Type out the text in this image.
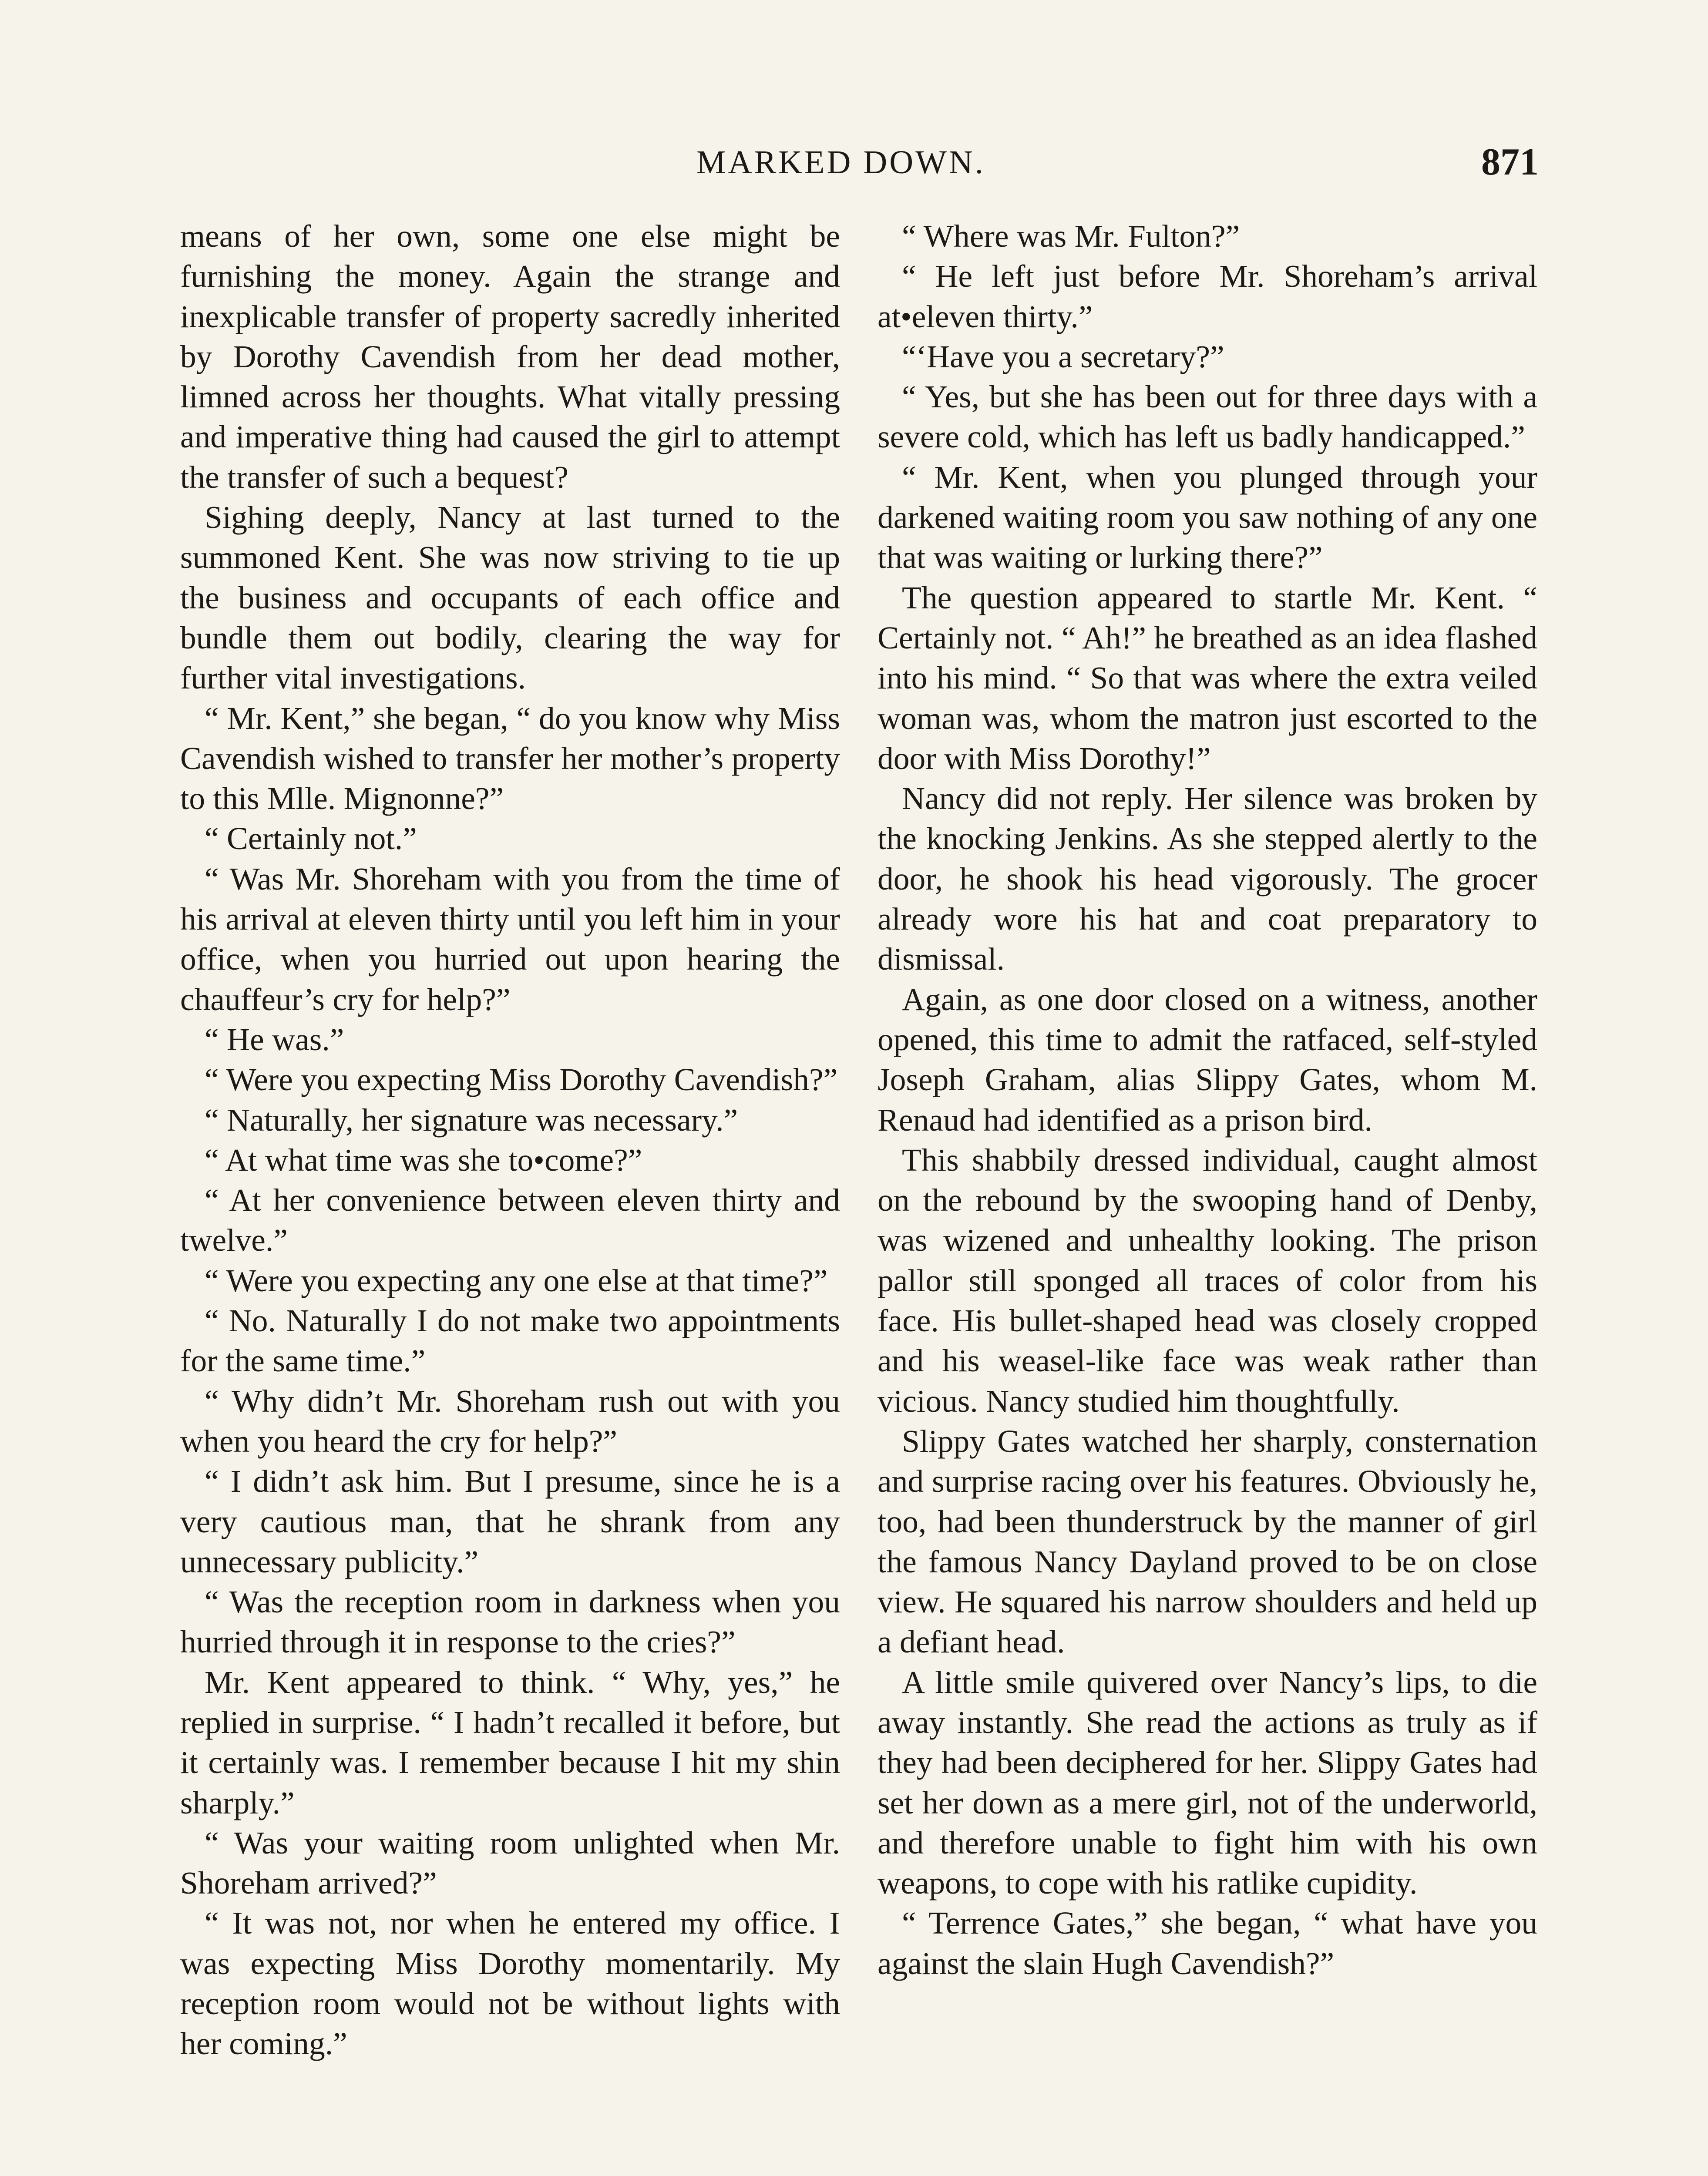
MARKED DOWN.	871

means of her own, some one else might be furnishing the money. Again the strange and inexplicable transfer of property sacredly inherited by Dorothy Cavendish from her dead mother, limned across her thoughts. What vitally pressing and imperative thing had caused the girl to attempt the transfer of such a bequest?

Sighing deeply, Nancy at last turned to the summoned Kent. She was now striving to tie up the business and occupants of each office and bundle them out bodily, clearing the way for further vital investigations.

“ Mr. Kent,” she began, “ do you know why Miss Cavendish wished to transfer her mother’s property to this Mlle. Mignonne?”

“ Certainly not.”

“ Was Mr. Shoreham with you from the time of his arrival at eleven thirty until you left him in your office, when you hurried out upon hearing the chauffeur’s cry for help?”

“ He was.”

“ Were you expecting Miss Dorothy Cavendish?”

“ Naturally, her signature was necessary.”

“ At what time was she to•come?”

“ At her convenience between eleven thirty and twelve.”

“ Were you expecting any one else at that time?”

“ No. Naturally I do not make two appointments for the same time.”

“ Why didn’t Mr. Shoreham rush out with you when you heard the cry for help?”

“ I didn’t ask him. But I presume, since he is a very cautious man, that he shrank from any unnecessary publicity.”

“ Was the reception room in darkness when you hurried through it in response to the cries?”

Mr. Kent appeared to think. “ Why, yes,” he replied in surprise. “ I hadn’t recalled it before, but it certainly was. I remember because I hit my shin sharply.”

“ Was your waiting room unlighted when Mr. Shoreham arrived?”

“ It was not, nor when he entered my office. I was expecting Miss Dorothy momentarily. My reception room would not be without lights with her coming.”

“ Where was Mr. Fulton?”

“ He left just before Mr. Shoreham’s arrival at•eleven thirty.”

“‘Have you a secretary?”

“ Yes, but she has been out for three days with a severe cold, which has left us badly handicapped.”

“ Mr. Kent, when you plunged through your darkened waiting room you saw nothing of any one that was waiting or lurking there?”

The question appeared to startle Mr. Kent. “ Certainly not. “ Ah!” he breathed as an idea flashed into his mind. “ So that was where the extra veiled woman was, whom the matron just escorted to the door with Miss Dorothy!”

Nancy did not reply. Her silence was broken by the knocking Jenkins. As she stepped alertly to the door, he shook his head vigorously. The grocer already wore his hat and coat preparatory to dismissal.

Again, as one door closed on a witness, another opened, this time to admit the ratfaced, self-styled Joseph Graham, alias Slippy Gates, whom M. Renaud had identified as a prison bird.

This shabbily dressed individual, caught almost on the rebound by the swooping hand of Denby, was wizened and unhealthy looking. The prison pallor still sponged all traces of color from his face. His bullet-shaped head was closely cropped and his weasel-like face was weak rather than vicious. Nancy studied him thoughtfully.

Slippy Gates watched her sharply, consternation and surprise racing over his features. Obviously he, too, had been thunderstruck by the manner of girl the famous Nancy Dayland proved to be on close view. He squared his narrow shoulders and held up a defiant head.

A little smile quivered over Nancy’s lips, to die away instantly. She read the actions as truly as if they had been deciphered for her. Slippy Gates had set her down as a mere girl, not of the underworld, and therefore unable to fight him with his own weapons, to cope with his ratlike cupidity.

“ Terrence Gates,” she began, “ what have you against the slain Hugh Cavendish?”
